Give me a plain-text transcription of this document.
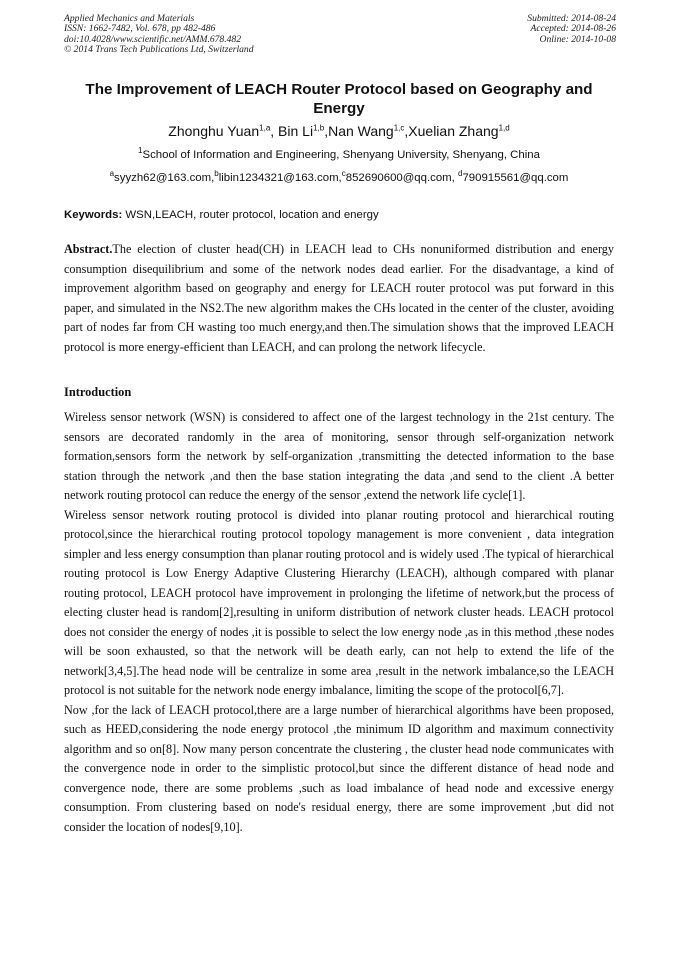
Applied Mechanics and Materials
ISSN: 1662-7482, Vol. 678, pp 482-486
doi:10.4028/www.scientific.net/AMM.678.482
© 2014 Trans Tech Publications Ltd, Switzerland
Submitted: 2014-08-24
Accepted: 2014-08-26
Online: 2014-10-08
The Improvement of LEACH Router Protocol based on Geography and Energy
Zhonghu Yuan$^{1,a}$, Bin Li$^{1,b}$,Nan Wang$^{1,c}$,Xuelian Zhang$^{1,d}$
$^1$School of Information and Engineering, Shenyang University, Shenyang, China
$^a$syyzh62@163.com,$^b$libin1234321@163.com,$^c$852690600@qq.com, $^d$790915561@qq.com
Keywords: WSN,LEACH, router protocol, location and energy
Abstract.The election of cluster head(CH) in LEACH lead to CHs nonuniformed distribution and energy consumption disequilibrium and some of the network nodes dead earlier. For the disadvantage, a kind of improvement algorithm based on geography and energy for LEACH router protocol was put forward in this paper, and simulated in the NS2.The new algorithm makes the CHs located in the center of the cluster, avoiding part of nodes far from CH wasting too much energy,and then.The simulation shows that the improved LEACH protocol is more energy-efficient than LEACH, and can prolong the network lifecycle.
Introduction

Wireless sensor network (WSN) is considered to affect one of the largest technology in the 21st century. The sensors are decorated randomly in the area of monitoring, sensor through self-organization network formation,sensors form the network by self-organization ,transmitting the detected information to the base station through the network ,and then the base station integrating the data ,and send to the client .A better network routing protocol can reduce the energy of the sensor ,extend the network life cycle[1].

Wireless sensor network routing protocol is divided into planar routing protocol and hierarchical routing protocol,since the hierarchical routing protocol topology management is more convenient , data integration simpler and less energy consumption than planar routing protocol and is widely used .The typical of hierarchical routing protocol is Low Energy Adaptive Clustering Hierarchy (LEACH), although compared with planar routing protocol, LEACH protocol have improvement in prolonging the lifetime of network,but the process of electing cluster head is random[2],resulting in uniform distribution of network cluster heads. LEACH protocol does not consider the energy of nodes ,it is possible to select the low energy node ,as in this method ,these nodes will be soon exhausted, so that the network will be death early, can not help to extend the life of the network[3,4,5].The head node will be centralize in some area ,result in the network imbalance,so the LEACH protocol is not suitable for the network node energy imbalance, limiting the scope of the protocol[6,7].

Now ,for the lack of LEACH protocol,there are a large number of hierarchical algorithms have been proposed, such as HEED,considering the node energy protocol ,the minimum ID algorithm and maximum connectivity algorithm and so on[8]. Now many person concentrate the clustering , the cluster head node communicates with the convergence node in order to the simplistic protocol,but since the different distance of head node and convergence node, there are some problems ,such as load imbalance of head node and excessive energy consumption. From clustering based on node's residual energy, there are some improvement ,but did not consider the location of nodes[9,10].
